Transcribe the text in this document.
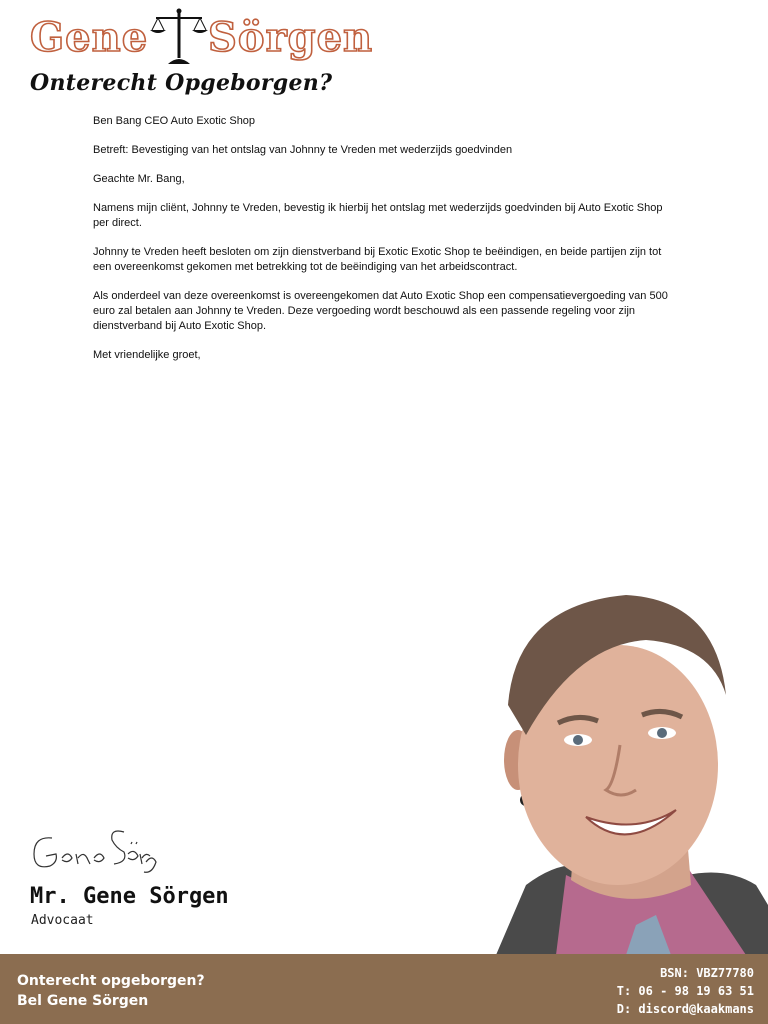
Gene Sörgen
Onterecht Opgeborgen?

Ben Bang CEO Auto Exotic Shop

Betreft: Bevestiging van het ontslag van Johnny te Vreden met wederzijds goedvinden

Geachte Mr. Bang,

Namens mijn cliënt, Johnny te Vreden, bevestig ik hierbij het ontslag met wederzijds goedvinden bij Auto Exotic Shop per direct.

Johnny te Vreden heeft besloten om zijn dienstverband bij Exotic Exotic Shop te beëindigen, en beide partijen zijn tot een overeenkomst gekomen met betrekking tot de beëindiging van het arbeidscontract.

Als onderdeel van deze overeenkomst is overeengekomen dat Auto Exotic Shop een compensatievergoeding van 500 euro zal betalen aan Johnny te Vreden. Deze vergoeding wordt beschouwd als een passende regeling voor zijn dienstverband bij Auto Exotic Shop.

Met vriendelijke groet,

Mr. Gene Sörgen
Advocaat
Onterecht opgeborgen?
Bel Gene Sörgen
BSN: VBZ77780
T: 06 - 98 19 63 51
D: discord@kaakmans
